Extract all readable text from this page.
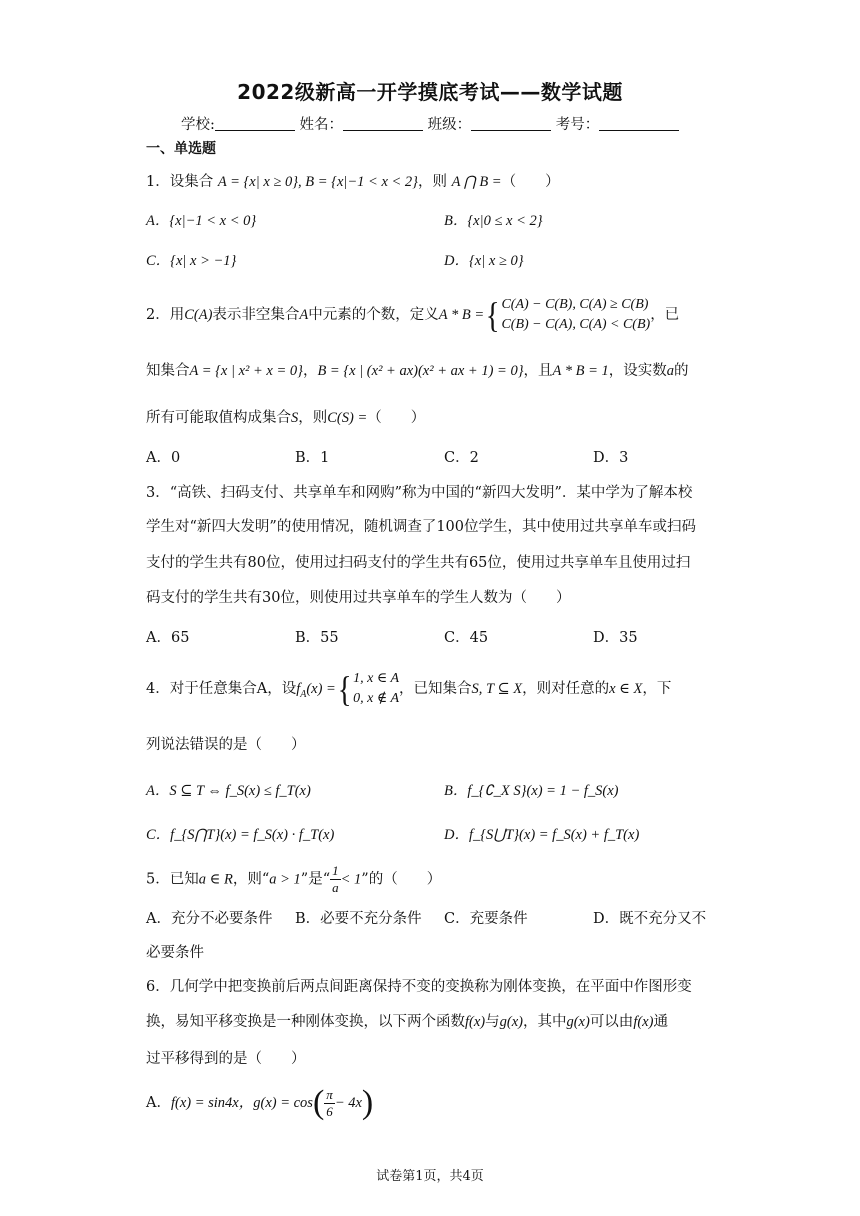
2022级新高一开学摸底考试——数学试题
学校:	姓名：	班级：	考号：
一、单选题
1．设集合 A = {x| x ≥ 0}, B = {x|−1 < x < 2}，则 A ⋂ B =（　　）
A．{x|−1 < x < 0}	B．{x|0 ≤ x < 2}
C．{x| x > −1}	D．{x| x ≥ 0}
2．用C(A)表示非空集合A中元素的个数，定义A * B ={ C(A) − C(B), C(A) ≥ C(B)
C(B) − C(A), C(A) < C(B)
，已
知集合A = {x | x² + x = 0}，B = {x | (x² + ax)(x² + ax + 1) = 0}，且A * B = 1，设实数a的
所有可能取值构成集合S，则C(S) =（　　）
A．0	B．1	C．2	D．3
3．“高铁、扫码支付、共享单车和网购”称为中国的“新四大发明”．某中学为了解本校
学生对“新四大发明”的使用情况，随机调查了100位学生，其中使用过共享单车或扫码
支付的学生共有80位，使用过扫码支付的学生共有65位，使用过共享单车且使用过扫
码支付的学生共有30位，则使用过共享单车的学生人数为（　　）
A．65	B．55	C．45	D．35
4．对于任意集合A，设$f_A(x)$ ={ 1, x ∈ A
0, x ∉ A
，已知集合S, T ⊆ X，则对任意的x ∈ X，下
列说法错误的是（　　）
A．S ⊆ T ⇔ f_S(x) ≤ f_T(x)	B．f_{∁_X S}(x) = 1 − f_S(x)
C．f_{S⋂T}(x) = f_S(x) · f_T(x)	D．f_{S⋃T}(x) = f_S(x) + f_T(x)
5．已知a ∈ R，则“a > 1”是“ $\frac{1}{a} < 1$”的（　　）
A．充分不必要条件 B．必要不充分条件 C．充要条件	D．既不充分又不
必要条件
6．几何学中把变换前后两点间距离保持不变的变换称为刚体变换，在平面中作图形变
换，易知平移变换是一种刚体变换，以下两个函数f(x)与g(x)，其中g(x)可以由f(x)通
过平移得到的是（　　）
A．f(x) = sin4x，$g(x) = \cos( \frac{\pi}{6} - 4x)$
试卷第1页，共4页
